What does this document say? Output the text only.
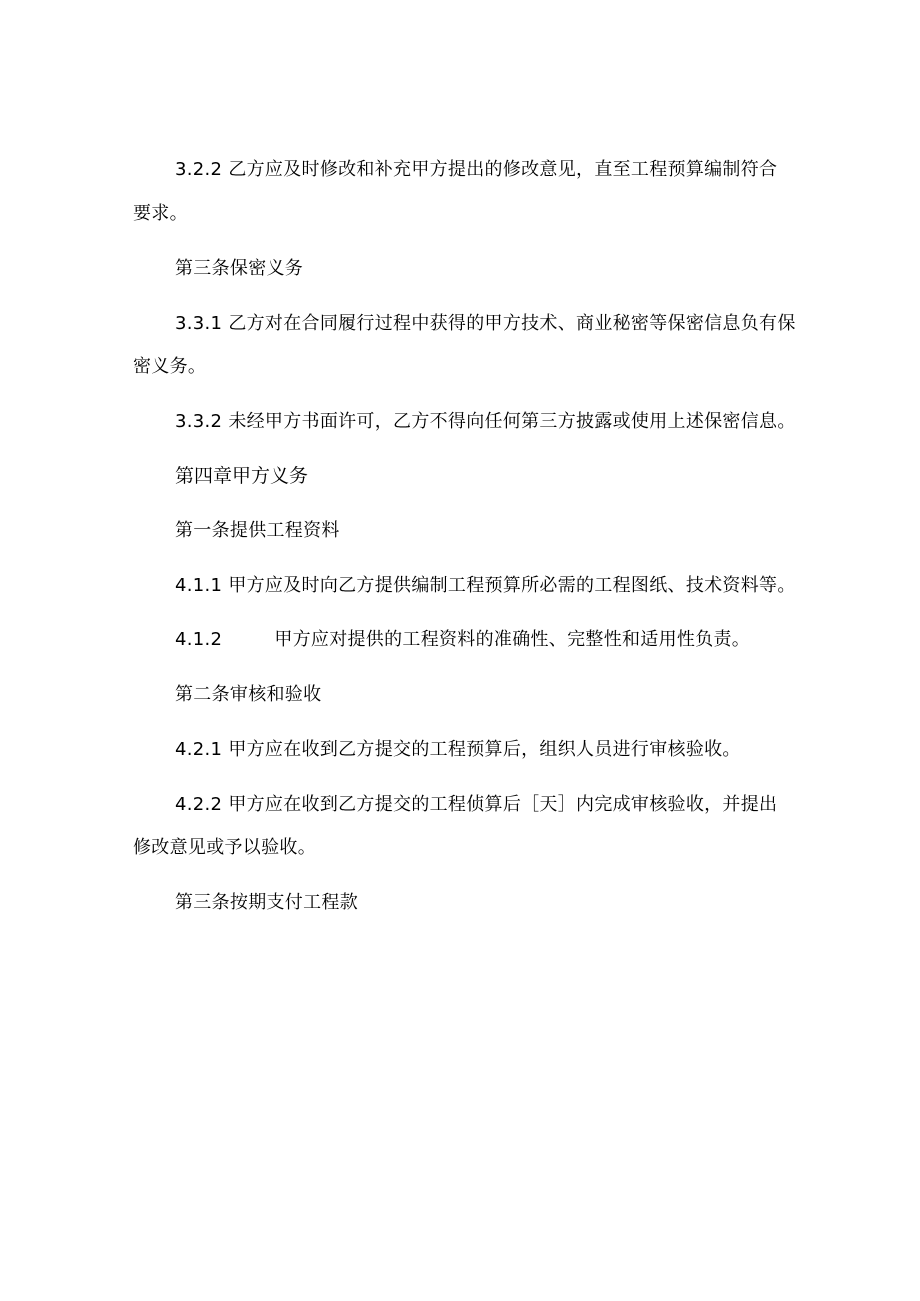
3.2.2 乙方应及时修改和补充甲方提出的修改意见，直至工程预算编制符合

要求。

第三条保密义务

3.3.1 乙方对在合同履行过程中获得的甲方技术、商业秘密等保密信息负有保

密义务。

3.3.2 未经甲方书面许可，乙方不得向任何第三方披露或使用上述保密信息。

第四章甲方义务

第一条提供工程资料

4.1.1 甲方应及时向乙方提供编制工程预算所必需的工程图纸、技术资料等。

4.1.2	甲方应对提供的工程资料的准确性、完整性和适用性负责。

第二条审核和验收

4.2.1 甲方应在收到乙方提交的工程预算后，组织人员进行审核验收。

4.2.2 甲方应在收到乙方提交的工程侦算后［天］内完成审核验收，并提出

修改意见或予以验收。

第三条按期支付工程款
